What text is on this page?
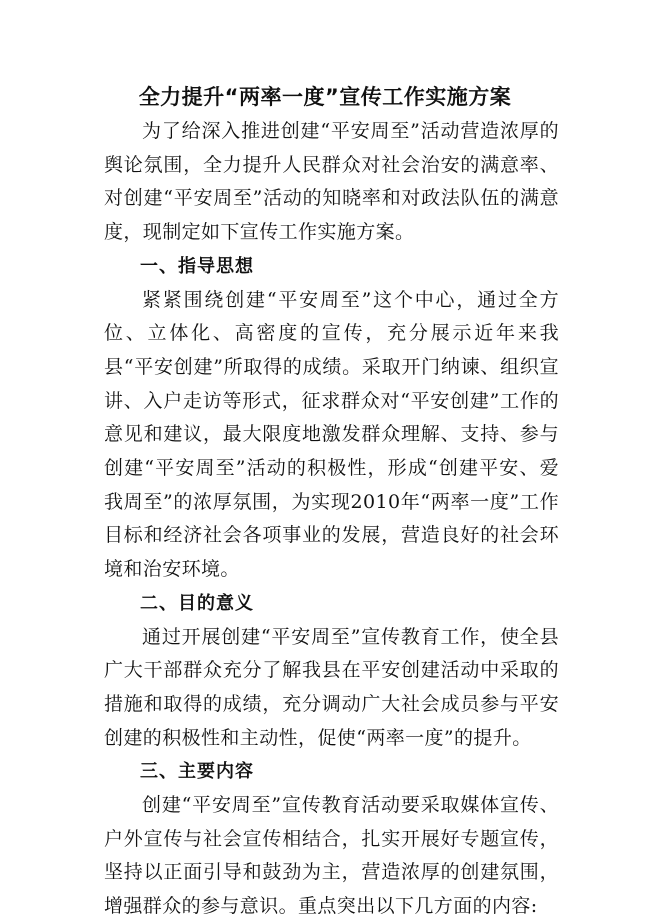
全力提升“两率一度”宣传工作实施方案

为了给深入推进创建“平安周至”活动营造浓厚的舆论氛围，全力提升人民群众对社会治安的满意率、对创建“平安周至”活动的知晓率和对政法队伍的满意度，现制定如下宣传工作实施方案。

一、指导思想

紧紧围绕创建“平安周至”这个中心，通过全方位、立体化、高密度的宣传，充分展示近年来我县“平安创建”所取得的成绩。采取开门纳谏、组织宣讲、入户走访等形式，征求群众对“平安创建”工作的意见和建议，最大限度地激发群众理解、支持、参与创建“平安周至”活动的积极性，形成“创建平安、爱我周至”的浓厚氛围，为实现2010年“两率一度”工作目标和经济社会各项事业的发展，营造良好的社会环境和治安环境。

二、目的意义

通过开展创建“平安周至”宣传教育工作，使全县广大干部群众充分了解我县在平安创建活动中采取的措施和取得的成绩，充分调动广大社会成员参与平安创建的积极性和主动性，促使“两率一度”的提升。

三、主要内容

创建“平安周至”宣传教育活动要采取媒体宣传、户外宣传与社会宣传相结合，扎实开展好专题宣传，坚持以正面引导和鼓劲为主，营造浓厚的创建氛围，增强群众的参与意识。重点突出以下几方面的内容:
